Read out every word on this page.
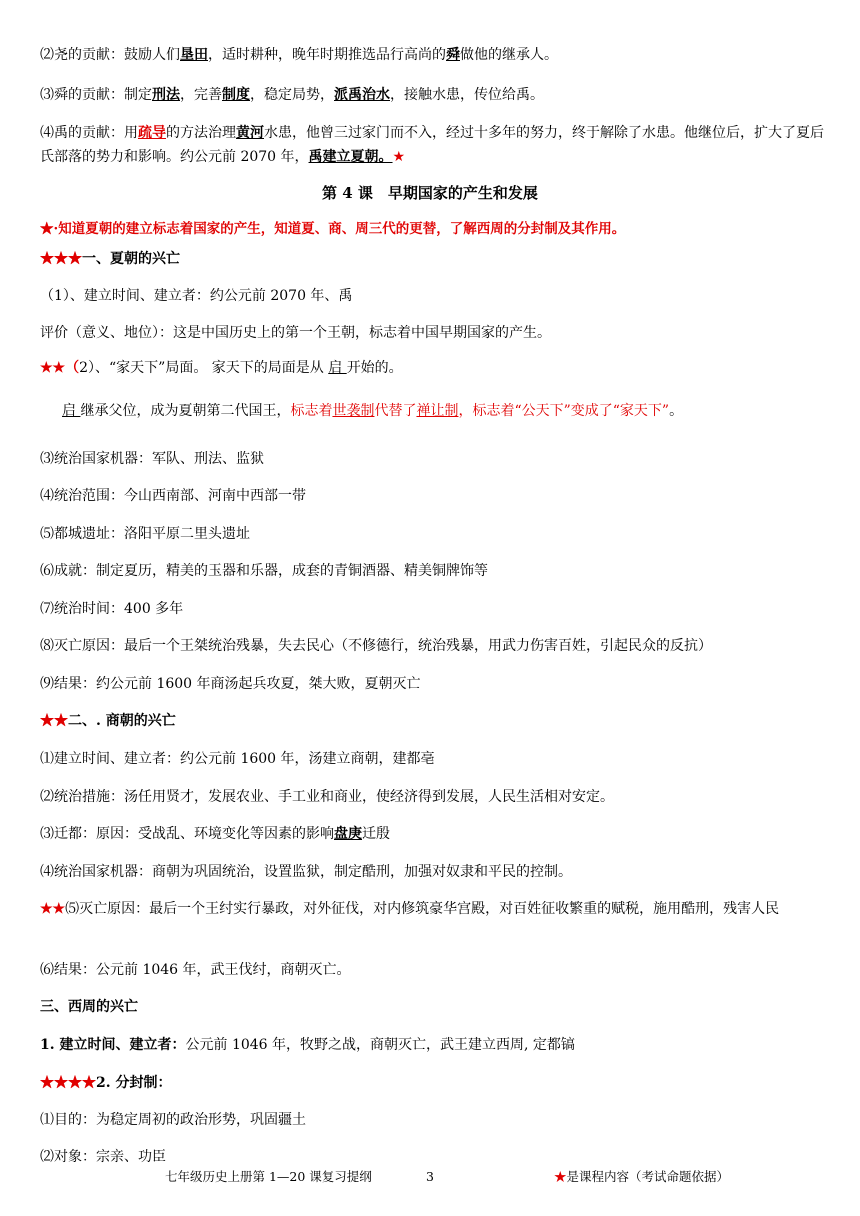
⑵尧的贡献：鼓励人们垦田，适时耕种，晚年时期推选品行高尚的舜做他的继承人。
⑶舜的贡献：制定刑法，完善制度，稳定局势，派禹治水，接触水患，传位给禹。
⑷禹的贡献：用疏导的方法治理黄河水患，他曾三过家门而不入，经过十多年的努力，终于解除了水患。他继位后，扩大了夏后氏部落的势力和影响。约公元前 2070 年，禹建立夏朝。★
第 4 课　早期国家的产生和发展
★·知道夏朝的建立标志着国家的产生，知道夏、商、周三代的更替，了解西周的分封制及其作用。
★★★一、夏朝的兴亡
（1）、建立时间、建立者：约公元前 2070 年、禹
评价（意义、地位）：这是中国历史上的第一个王朝，标志着中国早期国家的产生。
★★（2）、“家天下”局面。 家天下的局面是从 启 开始的。
启 继承父位，成为夏朝第二代国王，标志着世袭制代替了禅让制，标志着“公天下”变成了“家天下”。
⑶统治国家机器：军队、刑法、监狱
⑷统治范围：今山西南部、河南中西部一带
⑸都城遗址：洛阳平原二里头遗址
⑹成就：制定夏历，精美的玉器和乐器，成套的青铜酒器、精美铜牌饰等
⑺统治时间：400 多年
⑻灭亡原因：最后一个王桀统治残暴，失去民心（不修德行，统治残暴，用武力伤害百姓，引起民众的反抗）
⑼结果：约公元前 1600 年商汤起兵攻夏，桀大败，夏朝灭亡
★★二、. 商朝的兴亡
⑴建立时间、建立者：约公元前 1600 年，汤建立商朝，建都亳
⑵统治措施：汤任用贤才，发展农业、手工业和商业，使经济得到发展，人民生活相对安定。
⑶迁都：原因：受战乱、环境变化等因素的影响盘庚迁殷
⑷统治国家机器：商朝为巩固统治，设置监狱，制定酷刑，加强对奴隶和平民的控制。
★★⑸灭亡原因：最后一个王纣实行暴政，对外征伐，对内修筑豪华宫殿，对百姓征收繁重的赋税，施用酷刑，残害人民
⑹结果：公元前 1046 年，武王伐纣，商朝灭亡。
三、西周的兴亡
1. 建立时间、建立者：公元前 1046 年，牧野之战，商朝灭亡，武王建立西周, 定都镐
★★★★2. 分封制：
⑴目的：为稳定周初的政治形势，巩固疆土
⑵对象：宗亲、功臣
七年级历史上册第 1—20 课复习提纲	3	★是课程内容（考试命题依据）
